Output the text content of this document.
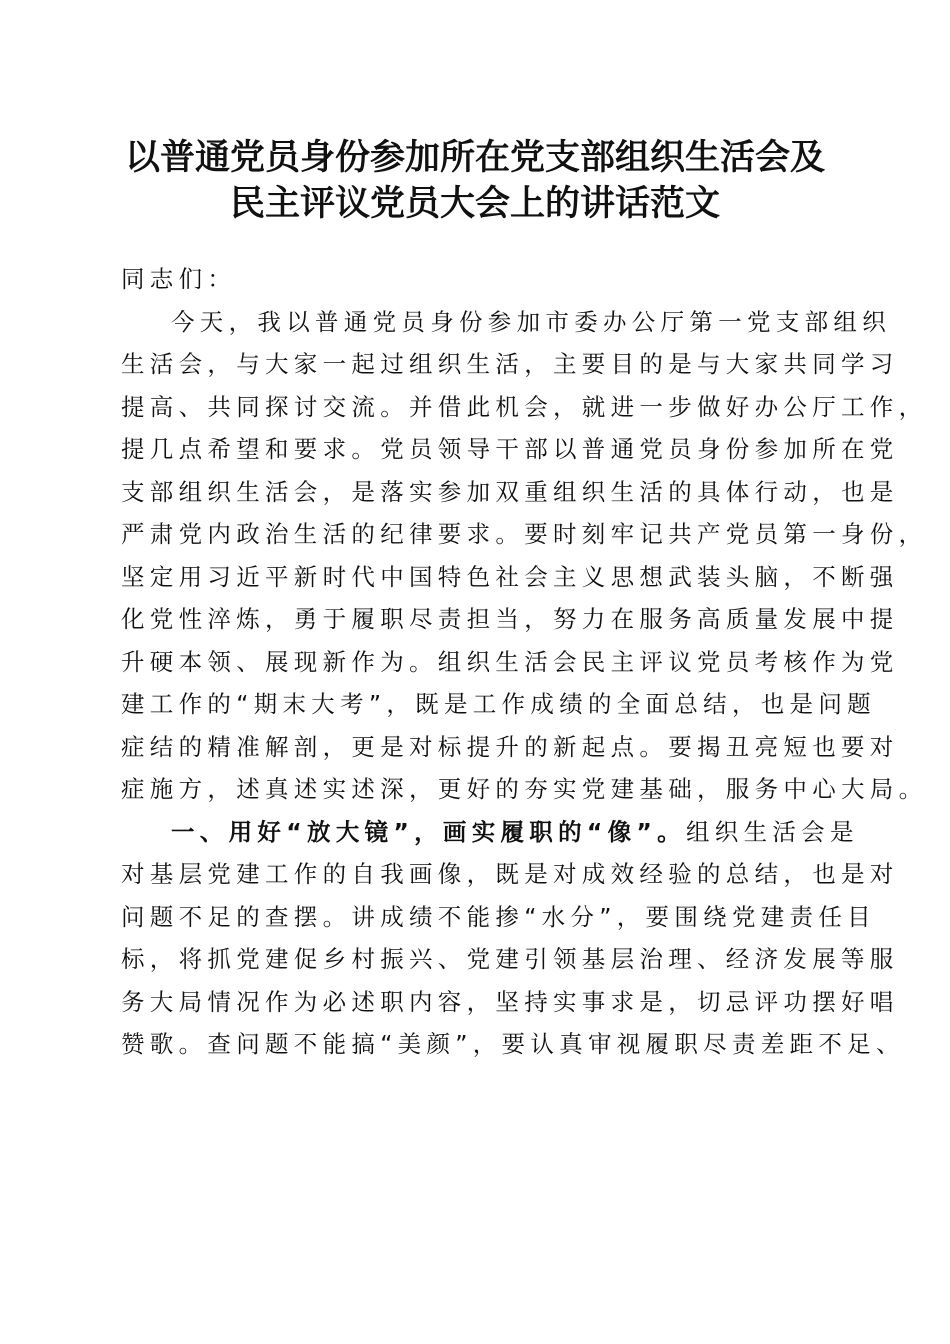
以普通党员身份参加所在党支部组织生活会及
民主评议党员大会上的讲话范文

同志们：

今天，我以普通党员身份参加市委办公厅第一党支部组织
生活会，与大家一起过组织生活，主要目的是与大家共同学习
提高、共同探讨交流。并借此机会，就进一步做好办公厅工作，
提几点希望和要求。党员领导干部以普通党员身份参加所在党
支部组织生活会，是落实参加双重组织生活的具体行动，也是
严肃党内政治生活的纪律要求。要时刻牢记共产党员第一身份，
坚定用习近平新时代中国特色社会主义思想武装头脑，不断强
化党性淬炼，勇于履职尽责担当，努力在服务高质量发展中提
升硬本领、展现新作为。组织生活会民主评议党员考核作为党
建工作的“期末大考”，既是工作成绩的全面总结，也是问题
症结的精准解剖，更是对标提升的新起点。要揭丑亮短也要对
症施方，述真述实述深，更好的夯实党建基础，服务中心大局。

一、用好“放大镜”，画实履职的“像”。组织生活会是
对基层党建工作的自我画像，既是对成效经验的总结，也是对
问题不足的查摆。讲成绩不能掺“水分”，要围绕党建责任目
标，将抓党建促乡村振兴、党建引领基层治理、经济发展等服
务大局情况作为必述职内容，坚持实事求是，切忌评功摆好唱
赞歌。查问题不能搞“美颜”，要认真审视履职尽责差距不足、
